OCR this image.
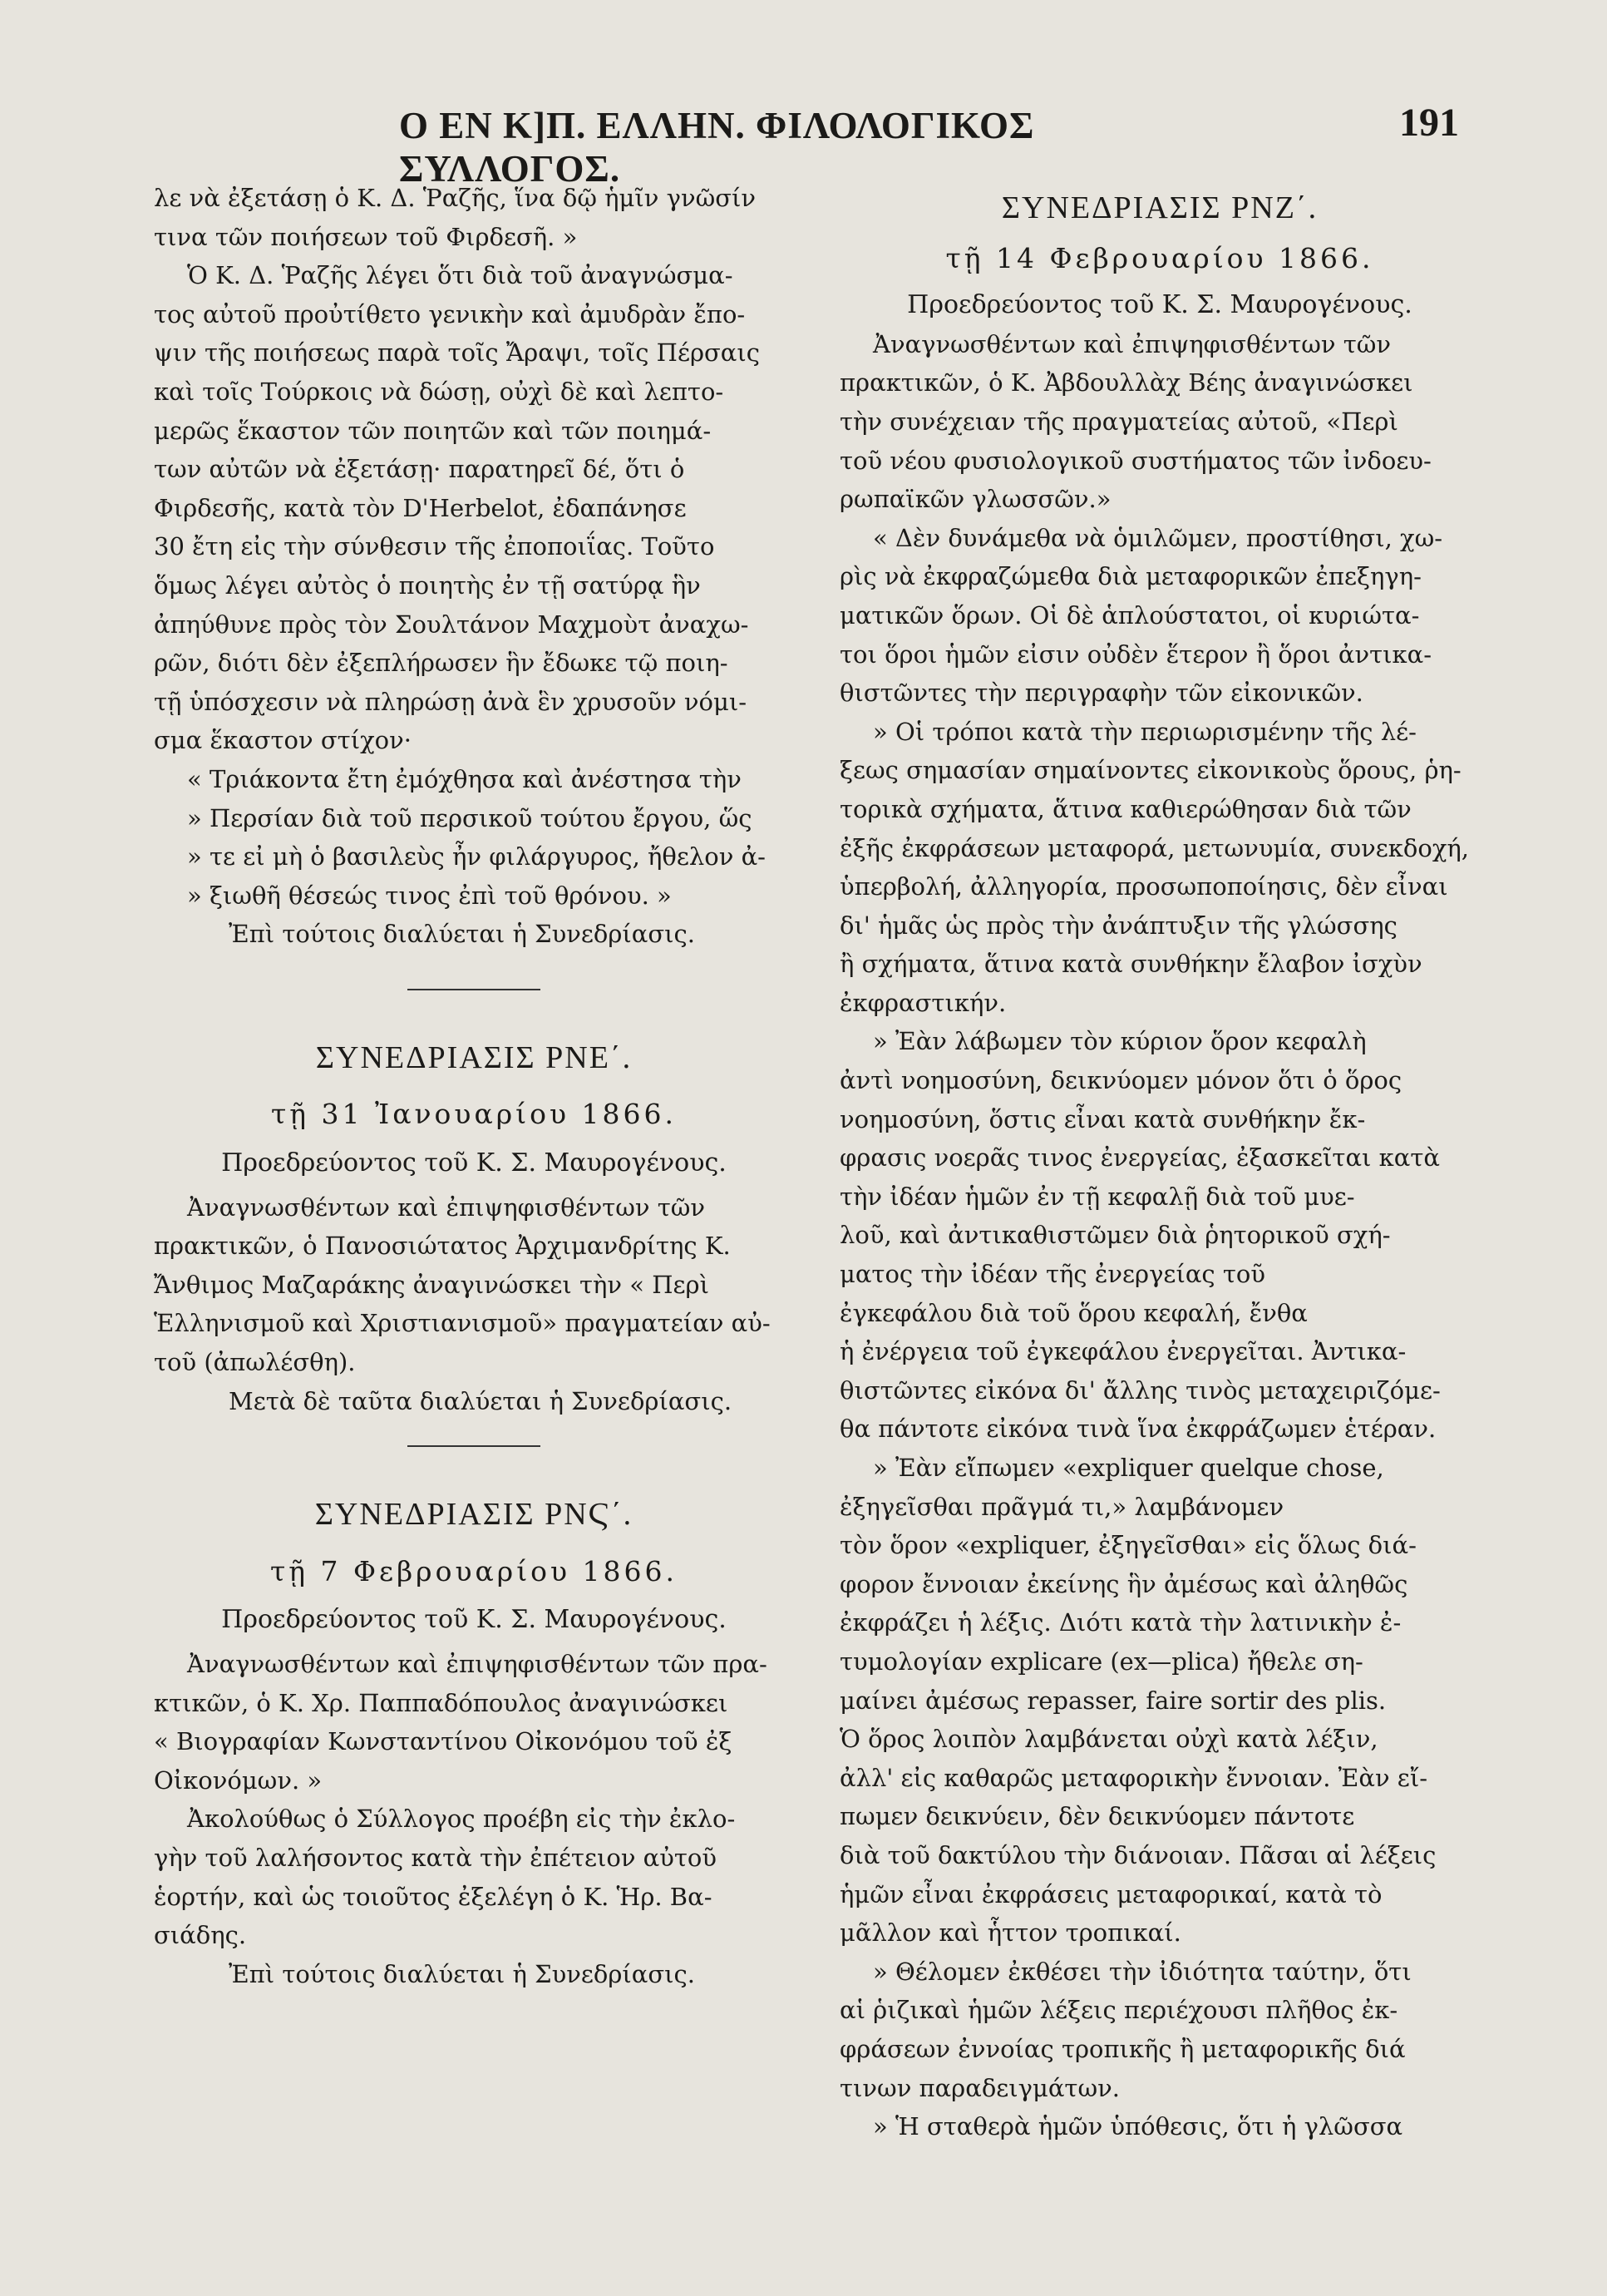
Ο ΕΝ Κ]Π. ΕΛΛΗΝ. ΦΙΛΟΛΟΓΙΚΟΣ ΣΥΛΛΟΓΟΣ.
191

λε νὰ ἐξετάσῃ ὁ Κ. Δ. Ῥαζῆς, ἵνα δῷ ἡμῖν γνῶσίν

τινα τῶν ποιήσεων τοῦ Φιρδεσῆ. »

Ὁ Κ. Δ. Ῥαζῆς λέγει ὅτι διὰ τοῦ ἀναγνώσμα-

τος αὐτοῦ προὐτίθετο γενικὴν καὶ ἀμυδρὰν ἔπο-

ψιν τῆς ποιήσεως παρὰ τοῖς Ἄραψι, τοῖς Πέρσαις

καὶ τοῖς Τούρκοις νὰ δώσῃ, οὐχὶ δὲ καὶ λεπτο-

μερῶς ἕκαστον τῶν ποιητῶν καὶ τῶν ποιημά-

των αὐτῶν νὰ ἐξετάσῃ· παρατηρεῖ δέ, ὅτι ὁ

Φιρδεσῆς, κατὰ τὸν D'Herbelot, ἐδαπάνησε

30 ἔτη εἰς τὴν σύνθεσιν τῆς ἐποποιΐας. Τοῦτο

ὅμως λέγει αὐτὸς ὁ ποιητὴς ἐν τῇ σατύρᾳ ἣν

ἀπηύθυνε πρὸς τὸν Σουλτάνον Μαχμοὺτ ἀναχω-

ρῶν, διότι δὲν ἐξεπλήρωσεν ἣν ἔδωκε τῷ ποιη-

τῇ ὑπόσχεσιν νὰ πληρώσῃ ἀνὰ ἓν χρυσοῦν νόμι-

σμα ἕκαστον στίχον·

« Τριάκοντα ἔτη ἐμόχθησα καὶ ἀνέστησα τὴν

» Περσίαν διὰ τοῦ περσικοῦ τούτου ἔργου, ὥς

» τε εἰ μὴ ὁ βασιλεὺς ἦν φιλάργυρος, ἤθελον ἀ-

» ξιωθῆ θέσεώς τινος ἐπὶ τοῦ θρόνου. »

Ἐπὶ τούτοις διαλύεται ἡ Συνεδρίασις.

ΣΥΝΕΔΡΙΑΣΙΣ ΡΝΕ΄.

τῇ 31 Ἰανουαρίου 1866.

Προεδρεύοντος τοῦ Κ. Σ. Μαυρογένους.

Ἀναγνωσθέντων καὶ ἐπιψηφισθέντων τῶν

πρακτικῶν, ὁ Πανοσιώτατος Ἀρχιμανδρίτης Κ.

Ἄνθιμος Μαζαράκης ἀναγινώσκει τὴν « Περὶ

Ἑλληνισμοῦ καὶ Χριστιανισμοῦ» πραγματείαν αὐ-

τοῦ (ἀπωλέσθη).

Μετὰ δὲ ταῦτα διαλύεται ἡ Συνεδρίασις.

ΣΥΝΕΔΡΙΑΣΙΣ ΡΝϚ΄.

τῇ 7 Φεβρουαρίου 1866.

Προεδρεύοντος τοῦ Κ. Σ. Μαυρογένους.

Ἀναγνωσθέντων καὶ ἐπιψηφισθέντων τῶν πρα-

κτικῶν, ὁ Κ. Χρ. Παππαδόπουλος ἀναγινώσκει

« Βιογραφίαν Κωνσταντίνου Οἰκονόμου τοῦ ἐξ

Οἰκονόμων. »

Ἀκολούθως ὁ Σύλλογος προέβη εἰς τὴν ἐκλο-

γὴν τοῦ λαλήσοντος κατὰ τὴν ἐπέτειον αὐτοῦ

ἑορτήν, καὶ ὡς τοιοῦτος ἐξελέγη ὁ Κ. Ἡρ. Βα-

σιάδης.

Ἐπὶ τούτοις διαλύεται ἡ Συνεδρίασις.

ΣΥΝΕΔΡΙΑΣΙΣ ΡΝΖ΄.

τῇ 14 Φεβρουαρίου 1866.

Προεδρεύοντος τοῦ Κ. Σ. Μαυρογένους.

Ἀναγνωσθέντων καὶ ἐπιψηφισθέντων τῶν

πρακτικῶν, ὁ Κ. Ἀβδουλλὰχ Βέης ἀναγινώσκει

τὴν συνέχειαν τῆς πραγματείας αὐτοῦ, «Περὶ

τοῦ νέου φυσιολογικοῦ συστήματος τῶν ἰνδοευ-

ρωπαϊκῶν γλωσσῶν.»

« Δὲν δυνάμεθα νὰ ὁμιλῶμεν, προστίθησι, χω-

ρὶς νὰ ἐκφραζώμεθα διὰ μεταφορικῶν ἐπεξηγη-

ματικῶν ὅρων. Οἱ δὲ ἁπλούστατοι, οἱ κυριώτα-

τοι ὅροι ἡμῶν εἰσιν οὐδὲν ἕτερον ἢ ὅροι ἀντικα-

θιστῶντες τὴν περιγραφὴν τῶν εἰκονικῶν.

» Οἱ τρόποι κατὰ τὴν περιωρισμένην τῆς λέ-

ξεως σημασίαν σημαίνοντες εἰκονικοὺς ὅρους, ῥη-

τορικὰ σχήματα, ἅτινα καθιερώθησαν διὰ τῶν

ἐξῆς ἐκφράσεων μεταφορά, μετωνυμία, συνεκδοχή,

ὑπερβολή, ἀλληγορία, προσωποποίησις, δὲν εἶναι

δι' ἡμᾶς ὡς πρὸς τὴν ἀνάπτυξιν τῆς γλώσσης

ἢ σχήματα, ἅτινα κατὰ συνθήκην ἔλαβον ἰσχὺν

ἐκφραστικήν.

» Ἐὰν λάβωμεν τὸν κύριον ὅρον κεφαλὴ

ἀντὶ νοημοσύνη, δεικνύομεν μόνον ὅτι ὁ ὅρος

νοημοσύνη, ὅστις εἶναι κατὰ συνθήκην ἔκ-

φρασις νοερᾶς τινος ἐνεργείας, ἐξασκεῖται κατὰ

τὴν ἰδέαν ἡμῶν ἐν τῇ κεφαλῇ διὰ τοῦ μυε-

λοῦ, καὶ ἀντικαθιστῶμεν διὰ ῥητορικοῦ σχή-

ματος τὴν ἰδέαν τῆς ἐνεργείας τοῦ

ἐγκεφάλου διὰ τοῦ ὅρου κεφαλή, ἔνθα

ἡ ἐνέργεια τοῦ ἐγκεφάλου ἐνεργεῖται. Ἀντικα-

θιστῶντες εἰκόνα δι' ἄλλης τινὸς μεταχειριζόμε-

θα πάντοτε εἰκόνα τινὰ ἵνα ἐκφράζωμεν ἑτέραν.

» Ἐὰν εἴπωμεν «expliquer quelque chose,

ἐξηγεῖσθαι πρᾶγμά τι,» λαμβάνομεν

τὸν ὅρον «expliquer, ἐξηγεῖσθαι» εἰς ὅλως διά-

φορον ἔννοιαν ἐκείνης ἣν ἀμέσως καὶ ἀληθῶς

ἐκφράζει ἡ λέξις. Διότι κατὰ τὴν λατινικὴν ἐ-

τυμολογίαν explicare (ex—plica) ἤθελε ση-

μαίνει ἀμέσως repasser, faire sortir des plis.

Ὁ ὅρος λοιπὸν λαμβάνεται οὐχὶ κατὰ λέξιν,

ἀλλ' εἰς καθαρῶς μεταφορικὴν ἔννοιαν. Ἐὰν εἴ-

πωμεν δεικνύειν, δὲν δεικνύομεν πάντοτε

διὰ τοῦ δακτύλου τὴν διάνοιαν. Πᾶσαι αἱ λέξεις

ἡμῶν εἶναι ἐκφράσεις μεταφορικαί, κατὰ τὸ

μᾶλλον καὶ ἧττον τροπικαί.

» Θέλομεν ἐκθέσει τὴν ἰδιότητα ταύτην, ὅτι

αἱ ῥιζικαὶ ἡμῶν λέξεις περιέχουσι πλῆθος ἐκ-

φράσεων ἐννοίας τροπικῆς ἢ μεταφορικῆς διά

τινων παραδειγμάτων.

» Ἡ σταθερὰ ἡμῶν ὑπόθεσις, ὅτι ἡ γλῶσσα
